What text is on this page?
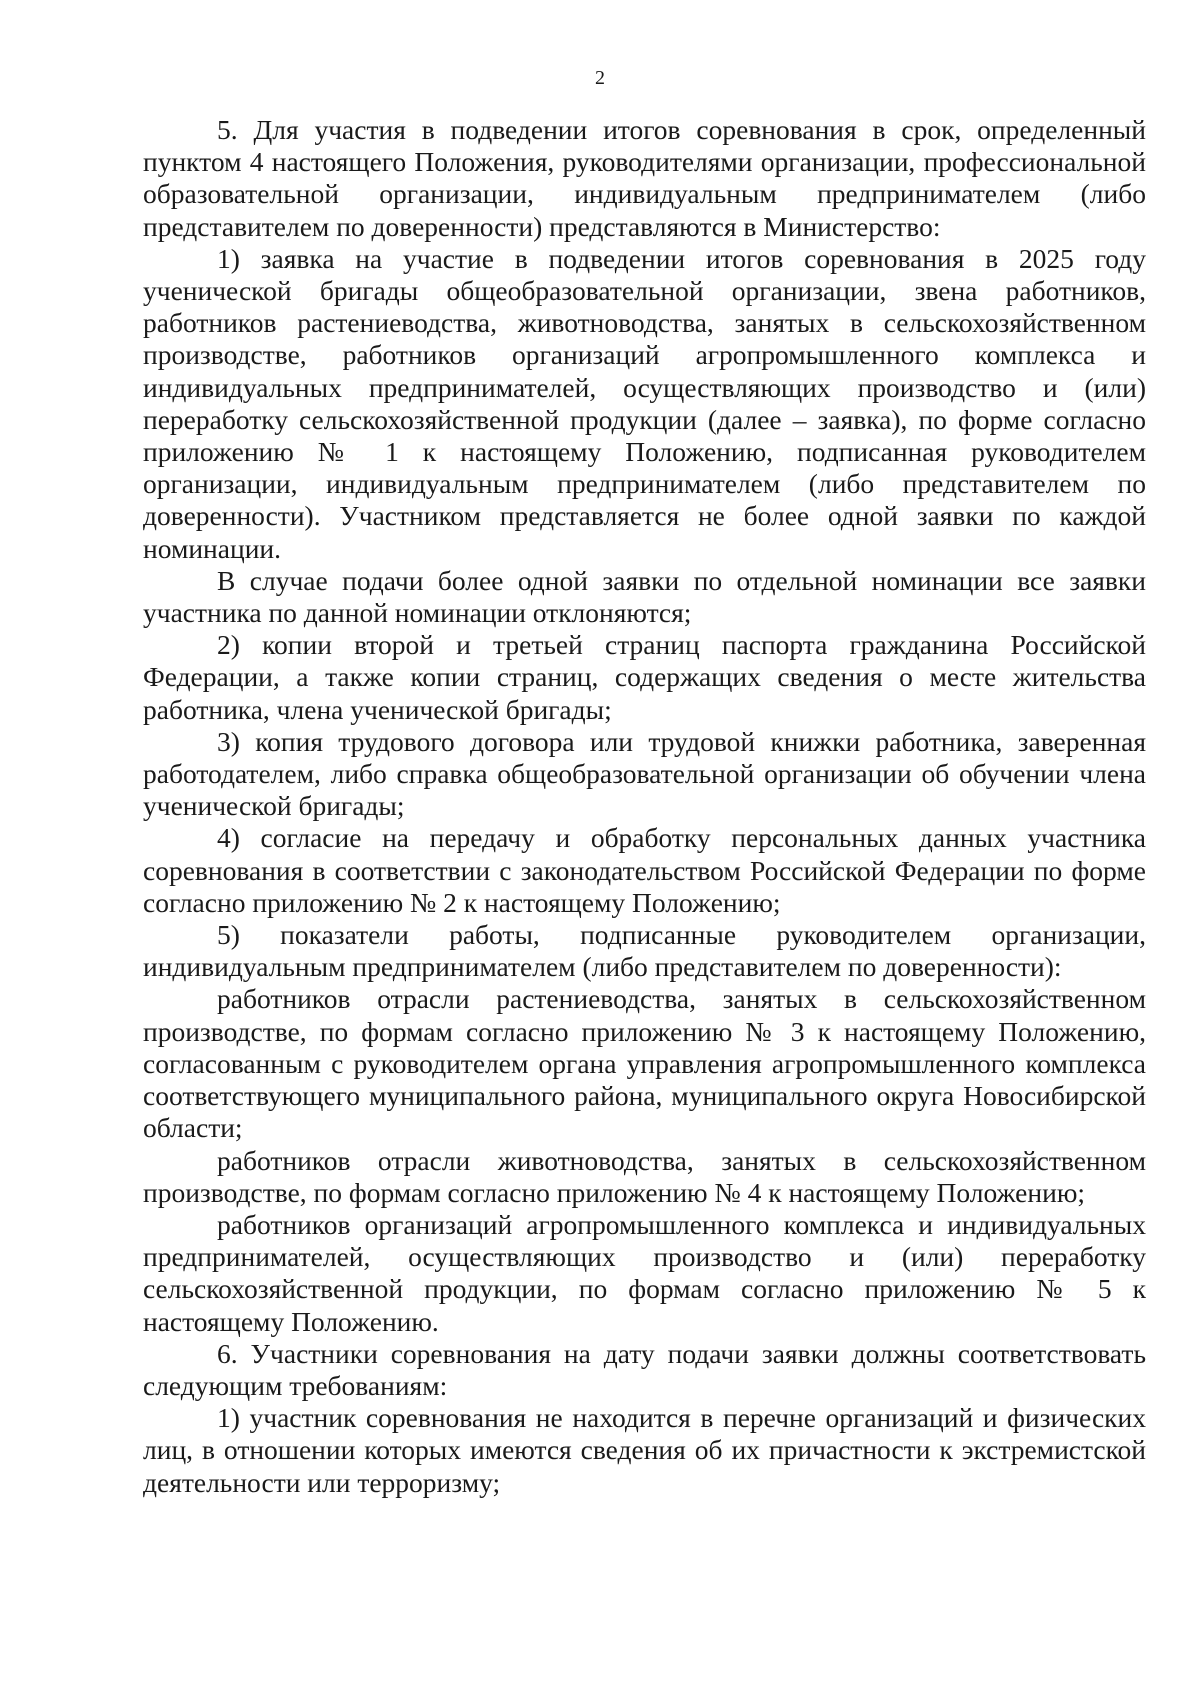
2

5. Для участия в подведении итогов соревнования в срок, определенный пунктом 4 настоящего Положения, руководителями организации, профессиональной образовательной организации, индивидуальным предпринимателем (либо представителем по доверенности) представляются в Министерство:

1) заявка на участие в подведении итогов соревнования в 2025 году ученической бригады общеобразовательной организации, звена работников, работников растениеводства, животноводства, занятых в сельскохозяйственном производстве, работников организаций агропромышленного комплекса и индивидуальных предпринимателей, осуществляющих производство и (или) переработку сельскохозяйственной продукции (далее – заявка), по форме согласно приложению № 1 к настоящему Положению, подписанная руководителем организации, индивидуальным предпринимателем (либо представителем по доверенности). Участником представляется не более одной заявки по каждой номинации.

В случае подачи более одной заявки по отдельной номинации все заявки участника по данной номинации отклоняются;

2) копии второй и третьей страниц паспорта гражданина Российской Федерации, а также копии страниц, содержащих сведения о месте жительства работника, члена ученической бригады;

3) копия трудового договора или трудовой книжки работника, заверенная работодателем, либо справка общеобразовательной организации об обучении члена ученической бригады;

4) согласие на передачу и обработку персональных данных участника соревнования в соответствии с законодательством Российской Федерации по форме согласно приложению № 2 к настоящему Положению;

5) показатели работы, подписанные руководителем организации, индивидуальным предпринимателем (либо представителем по доверенности):

работников отрасли растениеводства, занятых в сельскохозяйственном производстве, по формам согласно приложению № 3 к настоящему Положению, согласованным с руководителем органа управления агропромышленного комплекса соответствующего муниципального района, муниципального округа Новосибирской области;

работников отрасли животноводства, занятых в сельскохозяйственном производстве, по формам согласно приложению № 4 к настоящему Положению;

работников организаций агропромышленного комплекса и индивидуальных предпринимателей, осуществляющих производство и (или) переработку сельскохозяйственной продукции, по формам согласно приложению № 5 к настоящему Положению.

6. Участники соревнования на дату подачи заявки должны соответствовать следующим требованиям:

1) участник соревнования не находится в перечне организаций и физических лиц, в отношении которых имеются сведения об их причастности к экстремистской деятельности или терроризму;
